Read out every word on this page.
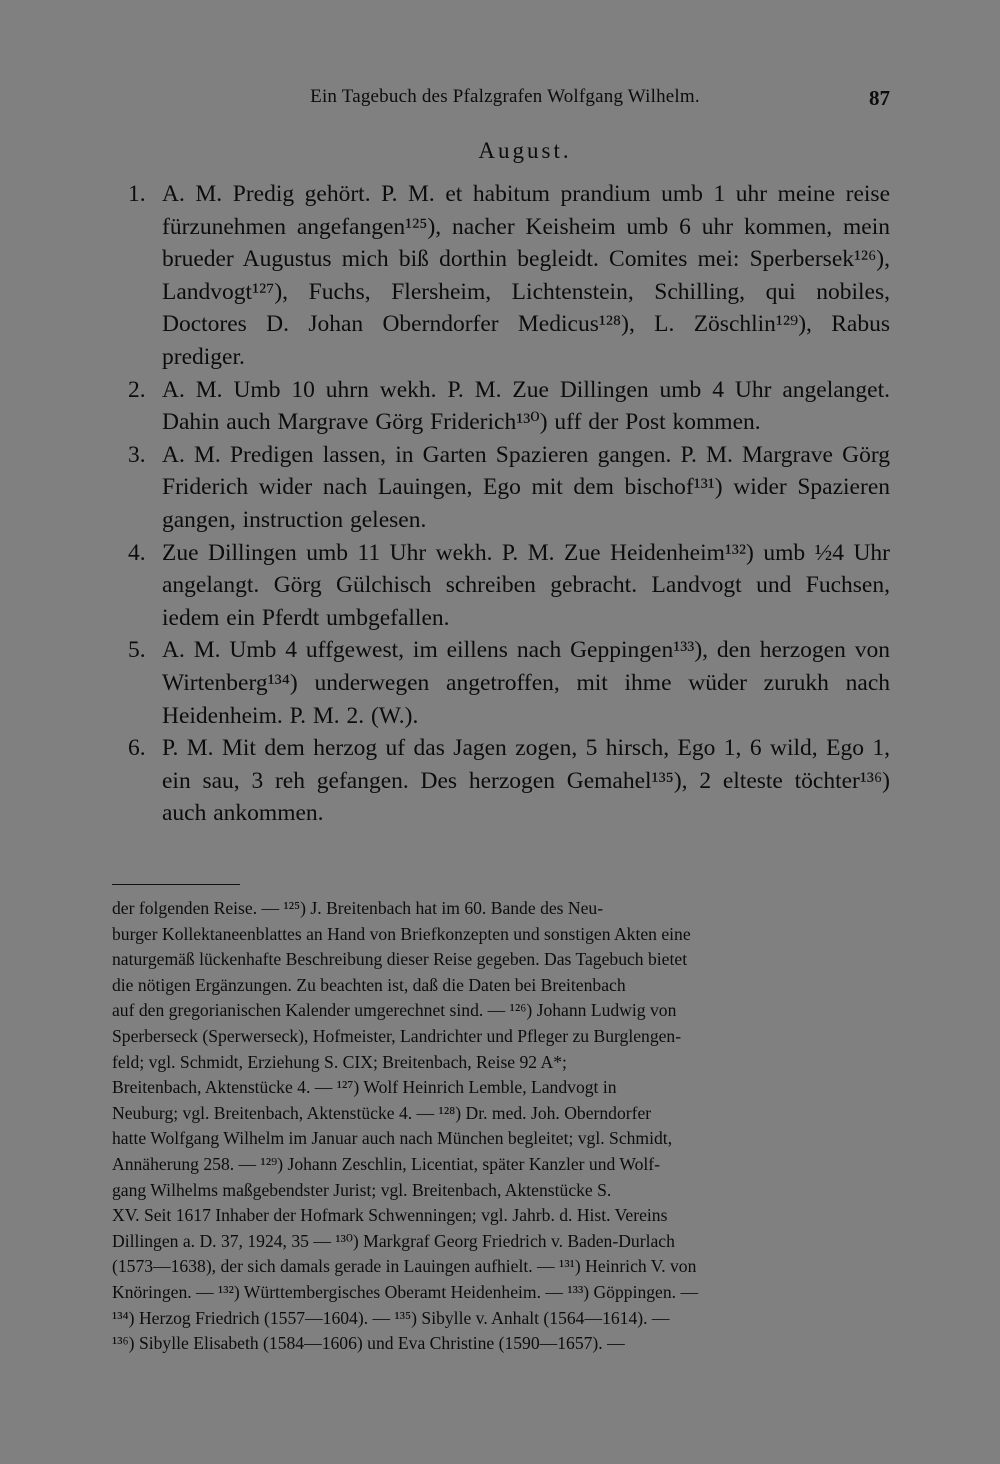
Ein Tagebuch des Pfalzgrafen Wolfgang Wilhelm.	87
August.
1. A. M. Predig gehört. P. M. et habitum prandium umb 1 uhr meine reise fürzunehmen angefangen¹²⁵), nacher Keisheim umb 6 uhr kommen, mein brueder Augustus mich biß dorthin begleidt. Comites mei: Sperbersek¹²⁶), Landvogt¹²⁷), Fuchs, Flersheim, Lichtenstein, Schilling, qui nobiles, Doctores D. Johan Oberndorfer Medicus¹²⁸), L. Zöschlin¹²⁹), Rabus prediger.
2. A. M. Umb 10 uhrn wekh. P. M. Zue Dillingen umb 4 Uhr angelanget. Dahin auch Margrave Görg Friderich¹³⁰) uff der Post kommen.
3. A. M. Predigen lassen, in Garten Spazieren gangen. P. M. Margrave Görg Friderich wider nach Lauingen, Ego mit dem bischof¹³¹) wider Spazieren gangen, instruction gelesen.
4. Zue Dillingen umb 11 Uhr wekh. P. M. Zue Heidenheim¹³²) umb ½4 Uhr angelangt. Görg Gülchisch schreiben gebracht. Landvogt und Fuchsen, iedem ein Pferdt umbgefallen.
5. A. M. Umb 4 uffgewest, im eillens nach Geppingen¹³³), den herzogen von Wirtenberg¹³⁴) underwegen angetroffen, mit ihme wüder zurukh nach Heidenheim. P. M. 2. (W.).
6. P. M. Mit dem herzog uf das Jagen zogen, 5 hirsch, Ego 1, 6 wild, Ego 1, ein sau, 3 reh gefangen. Des herzogen Gemahel¹³⁵), 2 elteste töchter¹³⁶) auch ankommen.
der folgenden Reise. — ¹²⁵) J. Breitenbach hat im 60. Bande des Neu-
burger Kollektaneenblattes an Hand von Briefkonzepten und sonstigen Akten eine
naturgemäß lückenhafte Beschreibung dieser Reise gegeben. Das Tagebuch bietet
die nötigen Ergänzungen. Zu beachten ist, daß die Daten bei Breitenbach
auf den gregorianischen Kalender umgerechnet sind. — ¹²⁶) Johann Ludwig von
Sperberseck (Sperwerseck), Hofmeister, Landrichter und Pfleger zu Burglengen-
feld; vgl. Schmidt, Erziehung S. CIX; Breitenbach, Reise 92 A*;
Breitenbach, Aktenstücke 4. — ¹²⁷) Wolf Heinrich Lemble, Landvogt in
Neuburg; vgl. Breitenbach, Aktenstücke 4. — ¹²⁸) Dr. med. Joh. Oberndorfer
hatte Wolfgang Wilhelm im Januar auch nach München begleitet; vgl. Schmidt,
Annäherung 258. — ¹²⁹) Johann Zeschlin, Licentiat, später Kanzler und Wolf-
gang Wilhelms maßgebendster Jurist; vgl. Breitenbach, Aktenstücke S.
XV. Seit 1617 Inhaber der Hofmark Schwenningen; vgl. Jahrb. d. Hist. Vereins
Dillingen a. D. 37, 1924, 35 — ¹³⁰) Markgraf Georg Friedrich v. Baden-Durlach
(1573—1638), der sich damals gerade in Lauingen aufhielt. — ¹³¹) Heinrich V. von
Knöringen. — ¹³²) Württembergisches Oberamt Heidenheim. — ¹³³) Göppingen. —
¹³⁴) Herzog Friedrich (1557—1604). — ¹³⁵) Sibylle v. Anhalt (1564—1614). —
¹³⁶) Sibylle Elisabeth (1584—1606) und Eva Christine (1590—1657). —
